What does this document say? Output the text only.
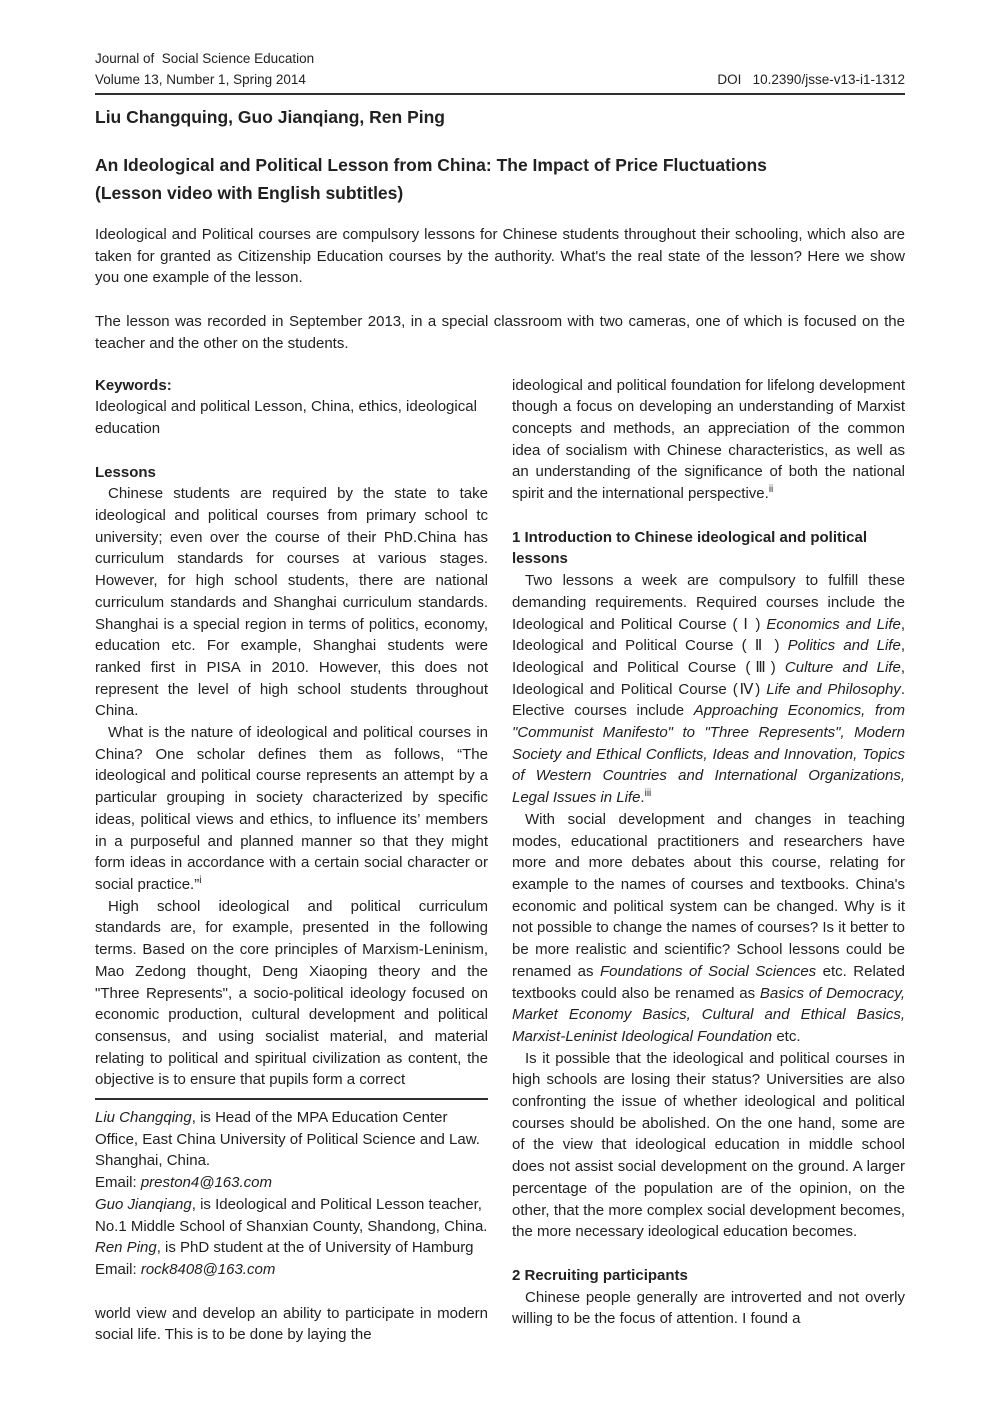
Journal of  Social Science Education
Volume 13, Number 1, Spring 2014	DOI   10.2390/jsse-v13-i1-1312
Liu Changquing, Guo Jianqiang, Ren Ping
An Ideological and Political Lesson from China: The Impact of Price Fluctuations
(Lesson video with English subtitles)

Ideological and Political courses are compulsory lessons for Chinese students throughout their schooling, which also are taken for granted as Citizenship Education courses by the authority. What's the real state of the lesson? Here we show you one example of the lesson.

The lesson was recorded in September 2013, in a special classroom with two cameras, one of which is focused on the teacher and the other on the students.

Keywords:

Ideological and political Lesson, China, ethics, ideological education

Lessons

Chinese students are required by the state to take ideological and political courses from primary school tc university; even over the course of their PhD.China has curriculum standards for courses at various stages. However, for high school students, there are national curriculum standards and Shanghai curriculum standards. Shanghai is a special region in terms of politics, economy, education etc. For example, Shanghai students were ranked first in PISA in 2010. However, this does not represent the level of high school students throughout China.

What is the nature of ideological and political courses in China? One scholar defines them as follows, “The ideological and political course represents an attempt by a particular grouping in society characterized by specific ideas, political views and ethics, to influence its’ members in a purposeful and planned manner so that they might form ideas in accordance with a certain social character or social practice.”$^i$

High school ideological and political curriculum standards are, for example, presented in the following terms. Based on the core principles of Marxism-Leninism, Mao Zedong thought, Deng Xiaoping theory and the "Three Represents", a socio-political ideology focused on economic production, cultural development and political consensus, and using socialist material, and material relating to political and spiritual civilization as content, the objective is to ensure that pupils form a correct

Liu Changqing, is Head of the MPA Education Center Office, East China University of Political Science and Law. Shanghai, China.

Email: preston4@163.com

Guo Jianqiang, is Ideological and Political Lesson teacher, No.1 Middle School of Shanxian County, Shandong, China.

Ren Ping, is PhD student at the of University of Hamburg

Email: rock8408@163.com

world view and develop an ability to participate in modern social life. This is to be done by laying the

ideological and political foundation for lifelong development though a focus on developing an understanding of Marxist concepts and methods, an appreciation of the common idea of socialism with Chinese characteristics, as well as an understanding of the significance of both the national spirit and the international perspective.$^{ii}$

1 Introduction to Chinese ideological and political lessons

Two lessons a week are compulsory to fulfill these demanding requirements. Required courses include the Ideological and Political Course ( Ⅰ ) Economics and Life, Ideological and Political Course ( Ⅱ ) Politics and Life, Ideological and Political Course (Ⅲ) Culture and Life, Ideological and Political Course (Ⅳ) Life and Philosophy. Elective courses include Approaching Economics, from "Communist Manifesto" to "Three Represents", Modern Society and Ethical Conflicts, Ideas and Innovation, Topics of Western Countries and International Organizations, Legal Issues in Life.$^{iii}$

With social development and changes in teaching modes, educational practitioners and researchers have more and more debates about this course, relating for example to the names of courses and textbooks. China's economic and political system can be changed. Why is it not possible to change the names of courses? Is it better to be more realistic and scientific? School lessons could be renamed as Foundations of Social Sciences etc. Related textbooks could also be renamed as Basics of Democracy, Market Economy Basics, Cultural and Ethical Basics, Marxist-Leninist Ideological Foundation etc.

Is it possible that the ideological and political courses in high schools are losing their status? Universities are also confronting the issue of whether ideological and political courses should be abolished. On the one hand, some are of the view that ideological education in middle school does not assist social development on the ground. A larger percentage of the population are of the opinion, on the other, that the more complex social development becomes, the more necessary ideological education becomes.

2 Recruiting participants

Chinese people generally are introverted and not overly willing to be the focus of attention. I found a
